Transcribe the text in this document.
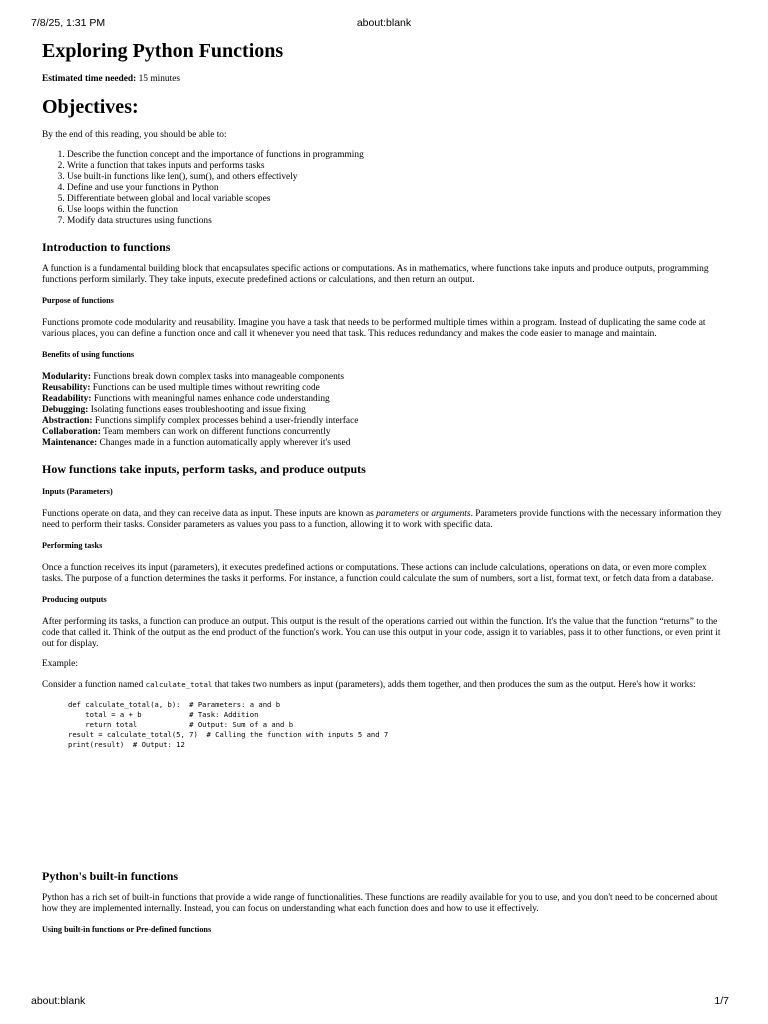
7/8/25, 1:31 PM	about:blank
Exploring Python Functions

Estimated time needed: 15 minutes

Objectives:

By the end of this reading, you should be able to:

1. Describe the function concept and the importance of functions in programming
2. Write a function that takes inputs and performs tasks
3. Use built-in functions like len(), sum(), and others effectively
4. Define and use your functions in Python
5. Differentiate between global and local variable scopes
6. Use loops within the function
7. Modify data structures using functions
Introduction to functions

A function is a fundamental building block that encapsulates specific actions or computations. As in mathematics, where functions take inputs and produce outputs, programming functions perform similarly. They take inputs, execute predefined actions or calculations, and then return an output.

Purpose of functions

Functions promote code modularity and reusability. Imagine you have a task that needs to be performed multiple times within a program. Instead of duplicating the same code at various places, you can define a function once and call it whenever you need that task. This reduces redundancy and makes the code easier to manage and maintain.

Benefits of using functions
Modularity: Functions break down complex tasks into manageable components
Reusability: Functions can be used multiple times without rewriting code
Readability: Functions with meaningful names enhance code understanding
Debugging: Isolating functions eases troubleshooting and issue fixing
Abstraction: Functions simplify complex processes behind a user-friendly interface
Collaboration: Team members can work on different functions concurrently
Maintenance: Changes made in a function automatically apply wherever it's used
How functions take inputs, perform tasks, and produce outputs
Inputs (Parameters)

Functions operate on data, and they can receive data as input. These inputs are known as parameters or arguments. Parameters provide functions with the necessary information they need to perform their tasks. Consider parameters as values you pass to a function, allowing it to work with specific data.

Performing tasks

Once a function receives its input (parameters), it executes predefined actions or computations. These actions can include calculations, operations on data, or even more complex tasks. The purpose of a function determines the tasks it performs. For instance, a function could calculate the sum of numbers, sort a list, format text, or fetch data from a database.

Producing outputs

After performing its tasks, a function can produce an output. This output is the result of the operations carried out within the function. It's the value that the function “returns” to the code that called it. Think of the output as the end product of the function's work. You can use this output in your code, assign it to variables, pass it to other functions, or even print it out for display.

Example:

Consider a function named calculate_total that takes two numbers as input (parameters), adds them together, and then produces the sum as the output. Here's how it works:

def calculate_total(a, b):  # Parameters: a and b
total = a + b           # Task: Addition
return total            # Output: Sum of a and b
result = calculate_total(5, 7)  # Calling the function with inputs 5 and 7
print(result)  # Output: 12
Python's built-in functions

Python has a rich set of built-in functions that provide a wide range of functionalities. These functions are readily available for you to use, and you don't need to be concerned about how they are implemented internally. Instead, you can focus on understanding what each function does and how to use it effectively.

Using built-in functions or Pre-defined functions
about:blank	1/7
